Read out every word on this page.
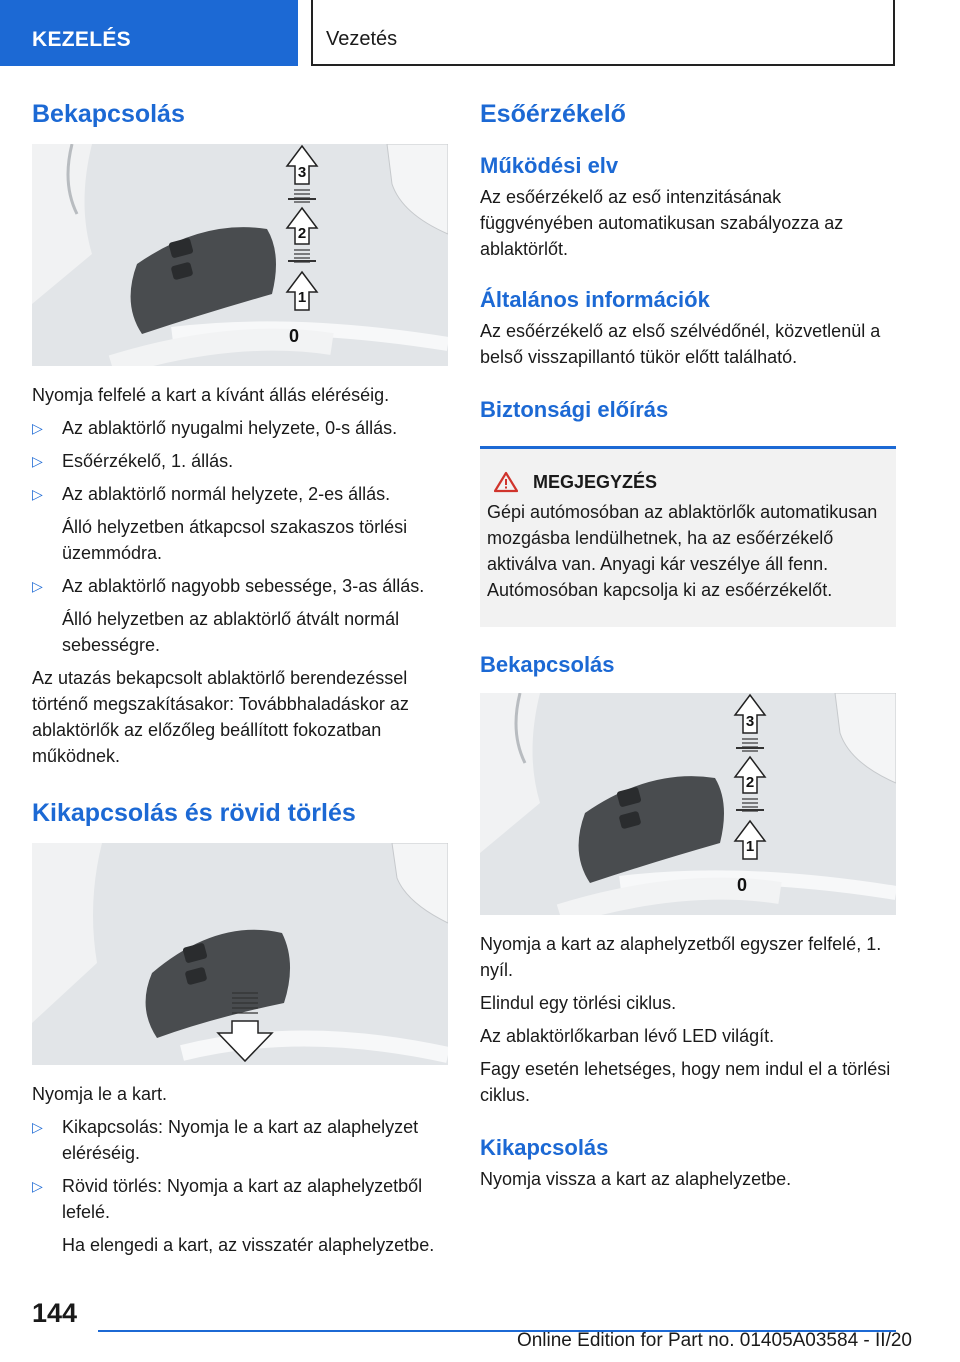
KEZELÉS	Vezetés
Bekapcsolás
3
2
1
0

Nyomja felfelé a kart a kívánt állás eléréséig.

▷ Az ablaktörlő nyugalmi helyzete, 0-s állás.
▷ Esőérzékelő, 1. állás.
▷ Az ablaktörlő normál helyzete, 2-es állás.
Álló helyzetben átkapcsol szakaszos törlési üzemmódra.
▷ Az ablaktörlő nagyobb sebessége, 3-as állás.
Álló helyzetben az ablaktörlő átvált normál sebességre.

Az utazás bekapcsolt ablaktörlő berendezéssel történő megszakításakor: Továbbhaladáskor az ablaktörlők az előzőleg beállított fokozatban működnek.

Kikapcsolás és rövid törlés

Nyomja le a kart.

▷ Kikapcsolás: Nyomja le a kart az alaphelyzet eléréséig.
▷ Rövid törlés: Nyomja a kart az alaphelyzetből lefelé.
Ha elengedi a kart, az visszatér alaphelyzetbe.
Esőérzékelő
Működési elv

Az esőérzékelő az eső intenzitásának függvényében automatikusan szabályozza az ablaktörlőt.

Általános információk

Az esőérzékelő az első szélvédőnél, közvetlenül a belső visszapillantó tükör előtt található.

Biztonsági előírás
MEGJEGYZÉS

Gépi autómosóban az ablaktörlők automatikusan mozgásba lendülhetnek, ha az esőérzékelő aktiválva van. Anyagi kár veszélye áll fenn. Autómosóban kapcsolja ki az esőérzékelőt.

Bekapcsolás
3
2
1
0

Nyomja a kart az alaphelyzetből egyszer felfelé, 1. nyíl.

Elindul egy törlési ciklus.

Az ablaktörlőkarban lévő LED világít.

Fagy esetén lehetséges, hogy nem indul el a törlési ciklus.

Kikapcsolás

Nyomja vissza a kart az alaphelyzetbe.

144
Online Edition for Part no. 01405A03584 - II/20
